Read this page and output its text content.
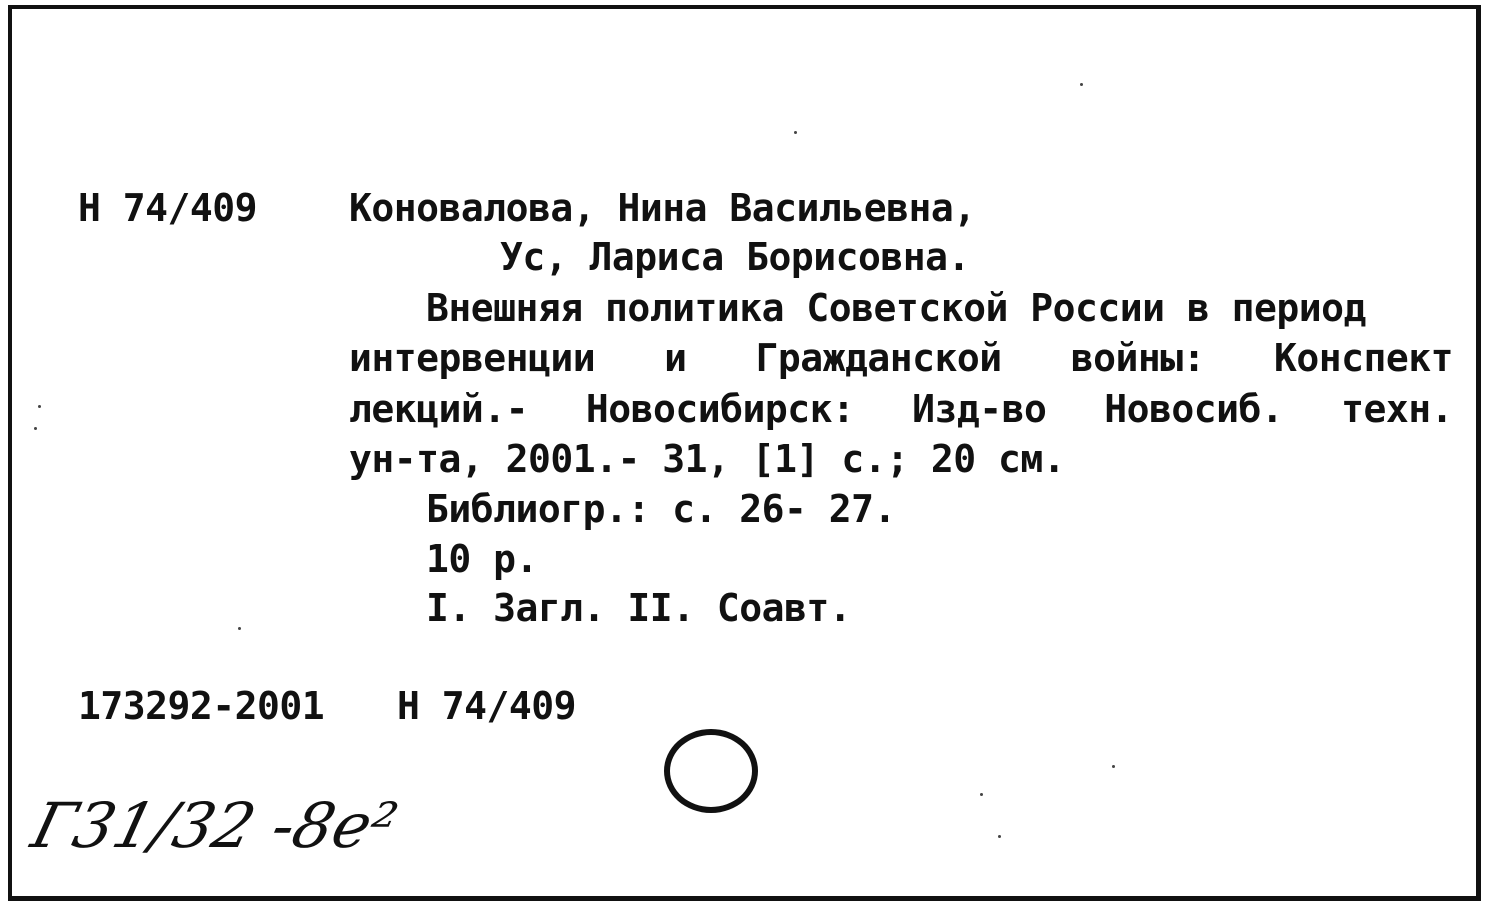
Н 74/409 Коновалова, Нина Васильевна,
Ус, Лариса Борисовна.
Внешняя политика Советской России в период
интервенции и Гражданской войны: Конспект
лекций.- Новосибирск: Изд-во Новосиб. техн.
ун-та, 2001.- 31, [1] с.; 20 см.
Библиогр.: с. 26- 27.
10 р.
I. Загл. II. Соавт.
173292-2001 Н 74/409
Г31/32 -8е²
